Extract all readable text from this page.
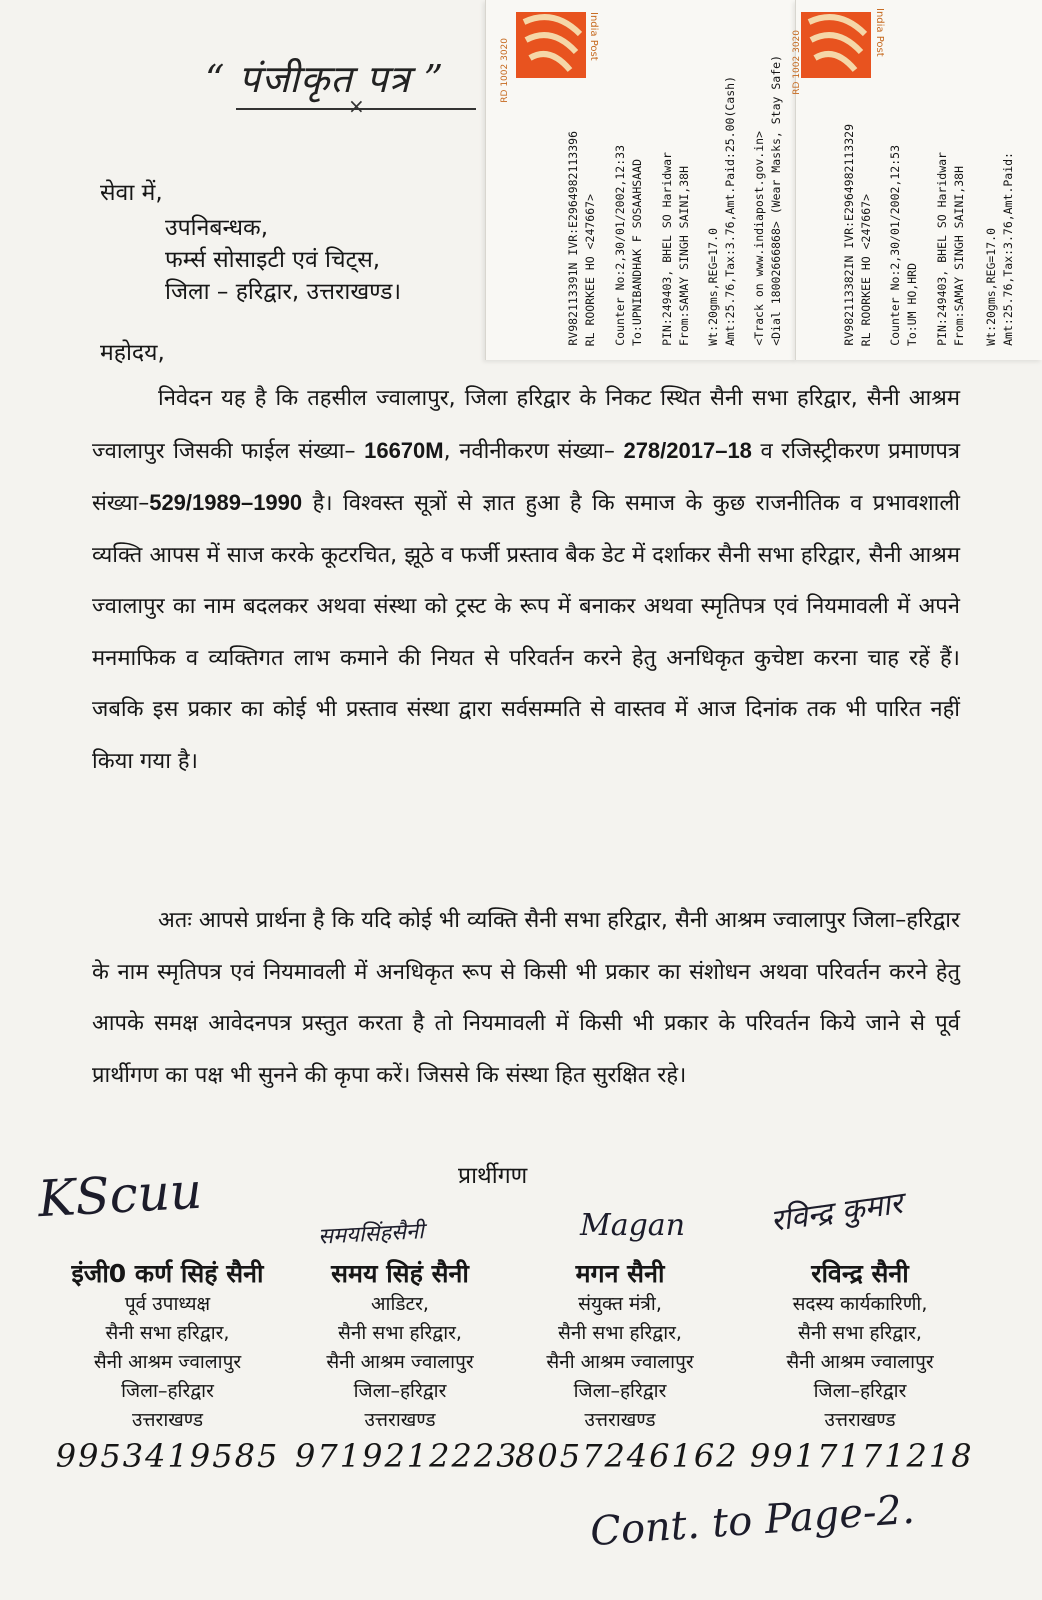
“ पंजीकृत पत्र ”
×
India Post
RD 1002 3020
RV982113391N IVR:E2964982113396 RL ROORKEE HO <247667> Counter No:2,30/01/2002,12:33 To:UPNIBANDHAK F SOSAAHSAAD PIN:249403, BHEL SO Haridwar From:SAMAY SINGH SAINI,38H Wt:20gms,REG=17.0 Amt:25.76,Tax:3.76,Amt.Paid:25.00(Cash) <Track on www.indiapost.gov.in> <Dial 18002666868> (Wear Masks, Stay Safe)
India Post
RD 1002 3020
RV982113382IN IVR:E2964982113329 RL ROORKEE HO <247667> Counter No:2,30/01/2002,12:53 To:UM HO,HRD PIN:249403, BHEL SO Haridwar From:SAMAY SINGH SAINI,38H Wt:20gms,REG=17.0 Amt:25.76,Tax:3.76,Amt.Paid:
सेवा में,
उपनिबन्धक,
फर्म्स सोसाइटी एवं चिट्स,
जिला – हरिद्वार, उत्तराखण्ड।
महोदय,

निवेदन यह है कि तहसील ज्वालापुर, जिला हरिद्वार के निकट स्थित सैनी सभा हरिद्वार, सैनी आश्रम ज्वालापुर जिसकी फाईल संख्या– 16670M, नवीनीकरण संख्या– 278/2017–18 व रजिस्ट्रीकरण प्रमाणपत्र संख्या–529/1989–1990 है। विश्वस्त सूत्रों से ज्ञात हुआ है कि समाज के कुछ राजनीतिक व प्रभावशाली व्यक्ति आपस में साज करके कूटरचित, झूठे व फर्जी प्रस्ताव बैक डेट में दर्शाकर सैनी सभा हरिद्वार, सैनी आश्रम ज्वालापुर का नाम बदलकर अथवा संस्था को ट्रस्ट के रूप में बनाकर अथवा स्मृतिपत्र एवं नियमावली में अपने मनमाफिक व व्यक्तिगत लाभ कमाने की नियत से परिवर्तन करने हेतु अनधिकृत कुचेष्टा करना चाह रहें हैं। जबकि इस प्रकार का कोई भी प्रस्ताव संस्था द्वारा सर्वसम्मति से वास्तव में आज दिनांक तक भी पारित नहीं किया गया है।

अतः आपसे प्रार्थना है कि यदि कोई भी व्यक्ति सैनी सभा हरिद्वार, सैनी आश्रम ज्वालापुर जिला–हरिद्वार के नाम स्मृतिपत्र एवं नियमावली में अनधिकृत रूप से किसी भी प्रकार का संशोधन अथवा परिवर्तन करने हेतु आपके समक्ष आवेदनपत्र प्रस्तुत करता है तो नियमावली में किसी भी प्रकार के परिवर्तन किये जाने से पूर्व प्रार्थीगण का पक्ष भी सुनने की कृपा करें। जिससे कि संस्था हित सुरक्षित रहे।

प्रार्थीगण
KScuu
समयसिंहसैनी	Magan	रविन्द्र कुमार
इंजी0 कर्ण सिहं सैनी
पूर्व उपाध्यक्ष
सैनी सभा हरिद्वार,
सैनी आश्रम ज्वालापुर
जिला–हरिद्वार
उत्तराखण्ड
9953419585
समय सिहं सैनी
आडिटर,
सैनी सभा हरिद्वार,
सैनी आश्रम ज्वालापुर
जिला–हरिद्वार
उत्तराखण्ड
9719212223
मगन सैनी
संयुक्त मंत्री,
सैनी सभा हरिद्वार,
सैनी आश्रम ज्वालापुर
जिला–हरिद्वार
उत्तराखण्ड
8057246162
रविन्द्र सैनी
सदस्य कार्यकारिणी,
सैनी सभा हरिद्वार,
सैनी आश्रम ज्वालापुर
जिला–हरिद्वार
उत्तराखण्ड
9917171218
Cont. to Page-2.
